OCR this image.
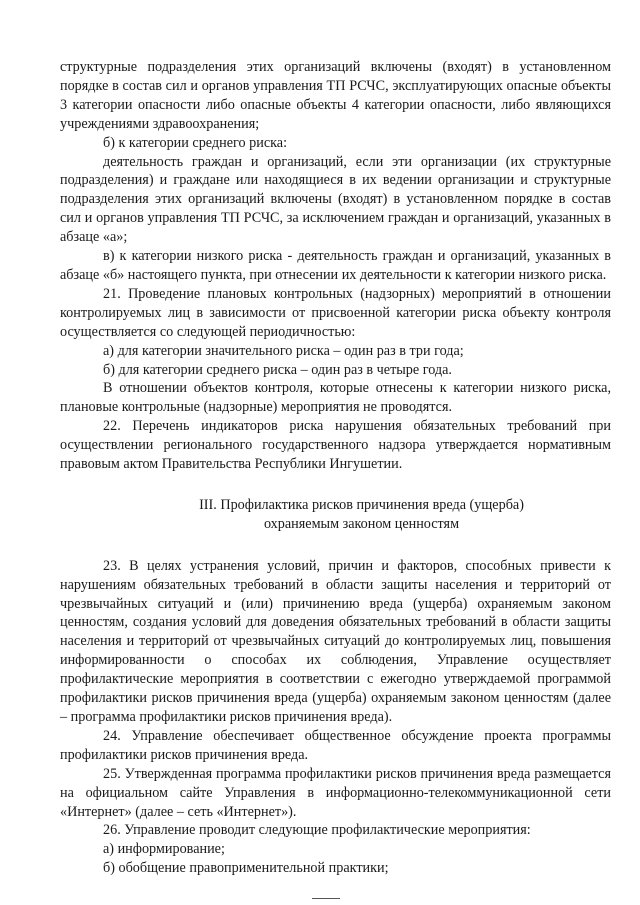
структурные подразделения этих организаций включены (входят) в установленном порядке в состав сил и органов управления ТП РСЧС, эксплуатирующих опасные объекты 3 категории опасности либо опасные объекты 4 категории опасности, либо являющихся учреждениями здравоохранения;

б) к категории среднего риска:

деятельность граждан и организаций, если эти организации (их структурные подразделения) и граждане или находящиеся в их ведении организации и структурные подразделения этих организаций включены (входят) в установленном порядке в состав сил и органов управления ТП РСЧС, за исключением граждан и организаций, указанных в абзаце «а»;

в) к категории низкого риска - деятельность граждан и организаций, указанных в абзаце «б» настоящего пункта, при отнесении их деятельности к категории низкого риска.

21. Проведение плановых контрольных (надзорных) мероприятий в отношении контролируемых лиц в зависимости от присвоенной категории риска объекту контроля осуществляется со следующей периодичностью:

а) для категории значительного риска – один раз в три года;

б) для категории среднего риска – один раз в четыре года.

В отношении объектов контроля, которые отнесены к категории низкого риска, плановые контрольные (надзорные) мероприятия не проводятся.

22. Перечень индикаторов риска нарушения обязательных требований при осуществлении регионального государственного надзора утверждается нормативным правовым актом Правительства Республики Ингушетии.

III. Профилактика рисков причинения вреда (ущерба)
охраняемым законом ценностям

23. В целях устранения условий, причин и факторов, способных привести к нарушениям обязательных требований в области защиты населения и территорий от чрезвычайных ситуаций и (или) причинению вреда (ущерба) охраняемым законом ценностям, создания условий для доведения обязательных требований в области защиты населения и территорий от чрезвычайных ситуаций до контролируемых лиц, повышения информированности о способах их соблюдения, Управление осуществляет профилактические мероприятия в соответствии с ежегодно утверждаемой программой профилактики рисков причинения вреда (ущерба) охраняемым законом ценностям (далее – программа профилактики рисков причинения вреда).

24. Управление обеспечивает общественное обсуждение проекта программы профилактики рисков причинения вреда.

25. Утвержденная программа профилактики рисков причинения вреда размещается на официальном сайте Управления в информационно-телекоммуникационной сети «Интернет» (далее – сеть «Интернет»).

26. Управление проводит следующие профилактические мероприятия:

а) информирование;

б) обобщение правоприменительной практики;
